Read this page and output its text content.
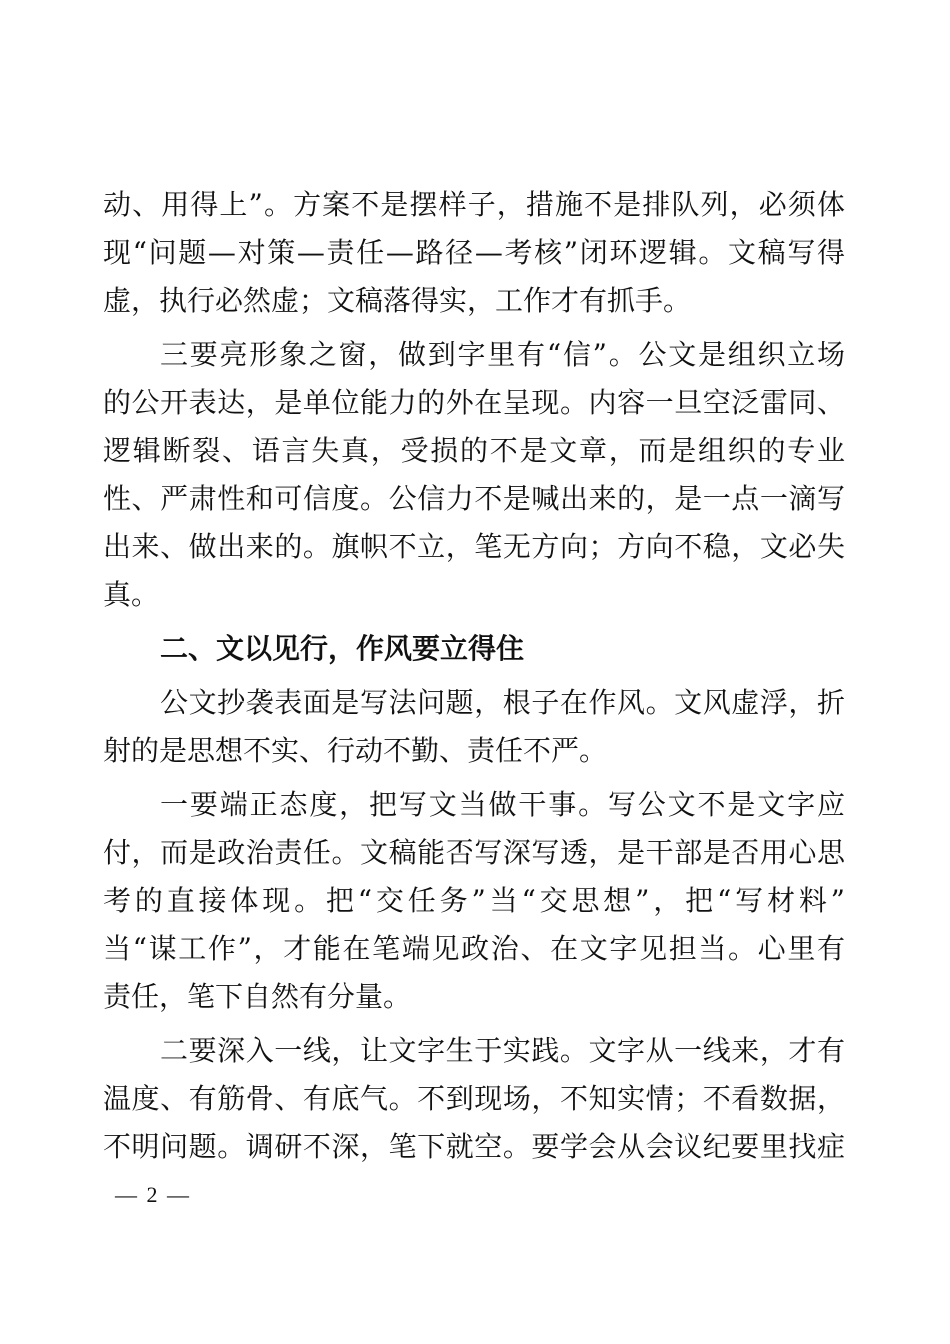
动、用得上”。方案不是摆样子，措施不是排队列，必须体
现“问题—对策—责任—路径—考核”闭环逻辑。文稿写得
虚，执行必然虚；文稿落得实，工作才有抓手。
三要亮形象之窗，做到字里有“信”。公文是组织立场
的公开表达，是单位能力的外在呈现。内容一旦空泛雷同、
逻辑断裂、语言失真，受损的不是文章，而是组织的专业
性、严肃性和可信度。公信力不是喊出来的，是一点一滴写
出来、做出来的。旗帜不立，笔无方向；方向不稳，文必失
真。
二、文以见行，作风要立得住
公文抄袭表面是写法问题，根子在作风。文风虚浮，折
射的是思想不实、行动不勤、责任不严。
一要端正态度，把写文当做干事。写公文不是文字应
付，而是政治责任。文稿能否写深写透，是干部是否用心思
考的直接体现。把“交任务”当“交思想”，把“写材料”
当“谋工作”，才能在笔端见政治、在文字见担当。心里有
责任，笔下自然有分量。
二要深入一线，让文字生于实践。文字从一线来，才有
温度、有筋骨、有底气。不到现场，不知实情；不看数据，
不明问题。调研不深，笔下就空。要学会从会议纪要里找症
— 2 —
